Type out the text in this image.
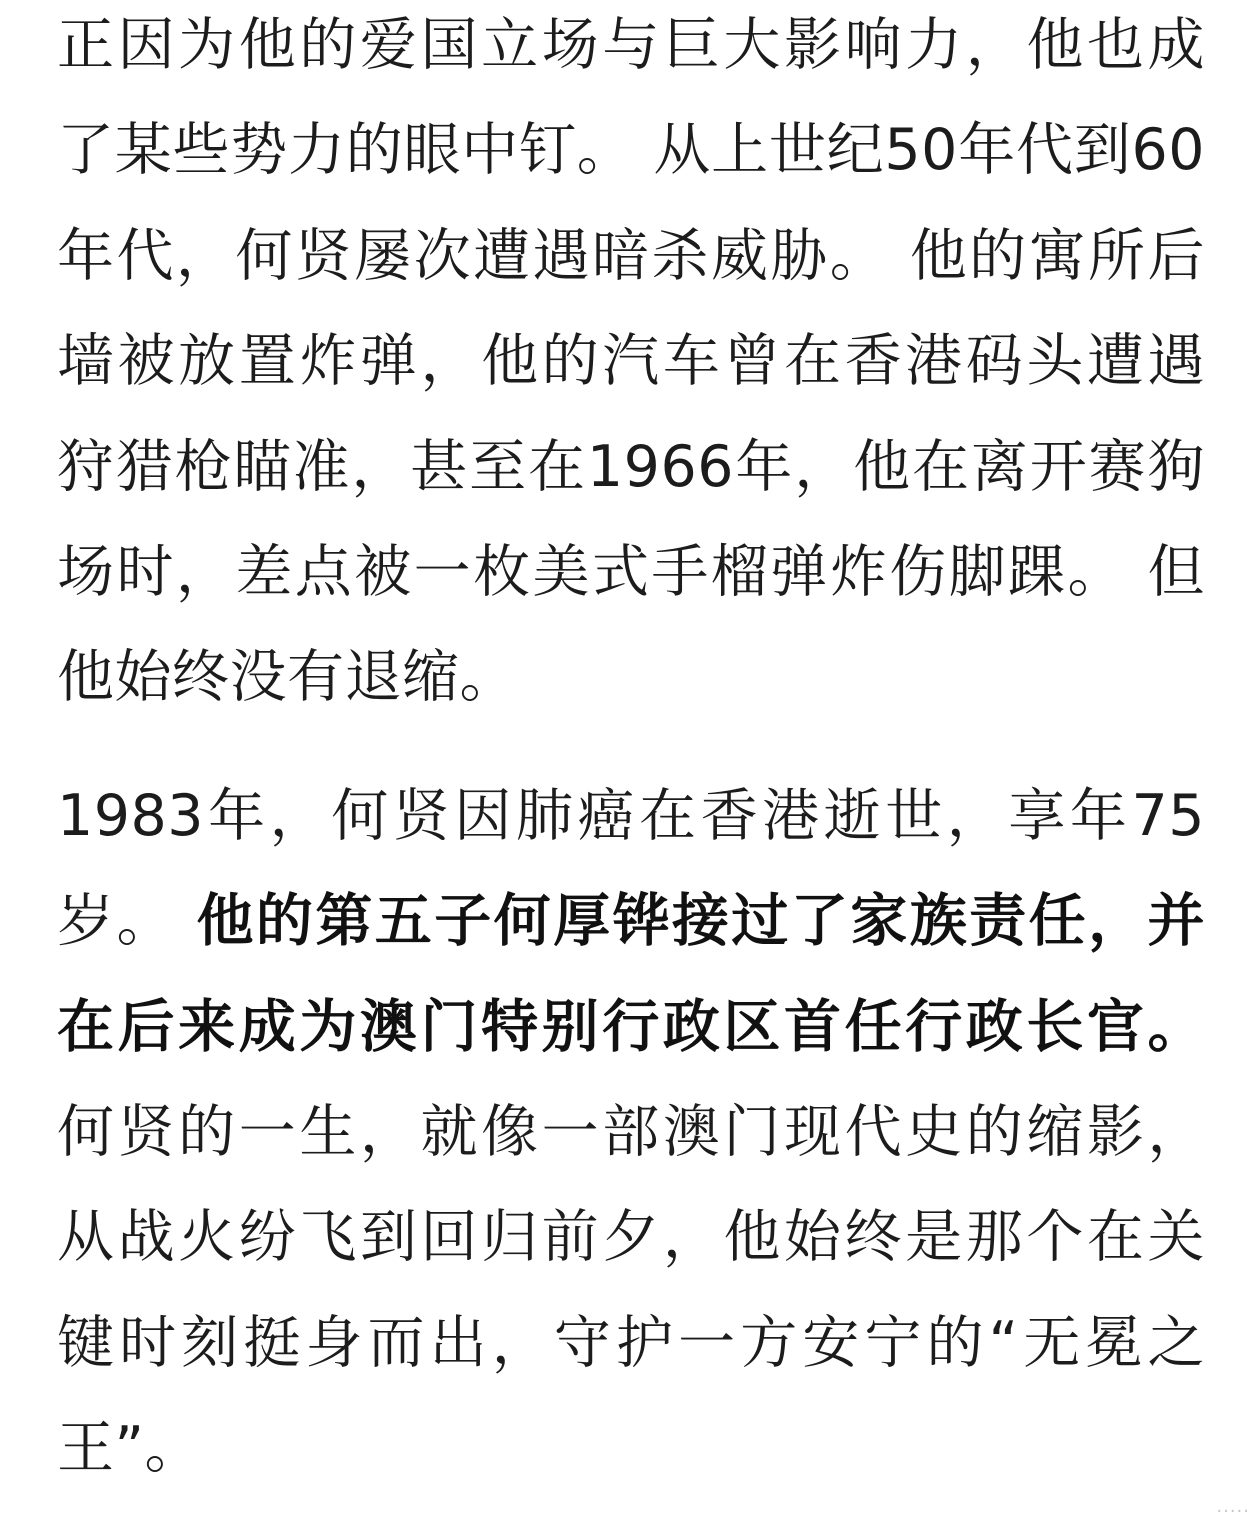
正因为他的爱国立场与巨大影响力，他也成了某些势力的眼中钉。 从上世纪50年代到60年代，何贤屡次遭遇暗杀威胁。 他的寓所后墙被放置炸弹，他的汽车曾在香港码头遭遇狩猎枪瞄准，甚至在1966年，他在离开赛狗场时，差点被一枚美式手榴弹炸伤脚踝。 但他始终没有退缩。

1983年，何贤因肺癌在香港逝世，享年75岁。 他的第五子何厚铧接过了家族责任，并在后来成为澳门特别行政区首任行政长官。 何贤的一生，就像一部澳门现代史的缩影，从战火纷飞到回归前夕，他始终是那个在关键时刻挺身而出，守护一方安宁的“无冕之王”。

·····
